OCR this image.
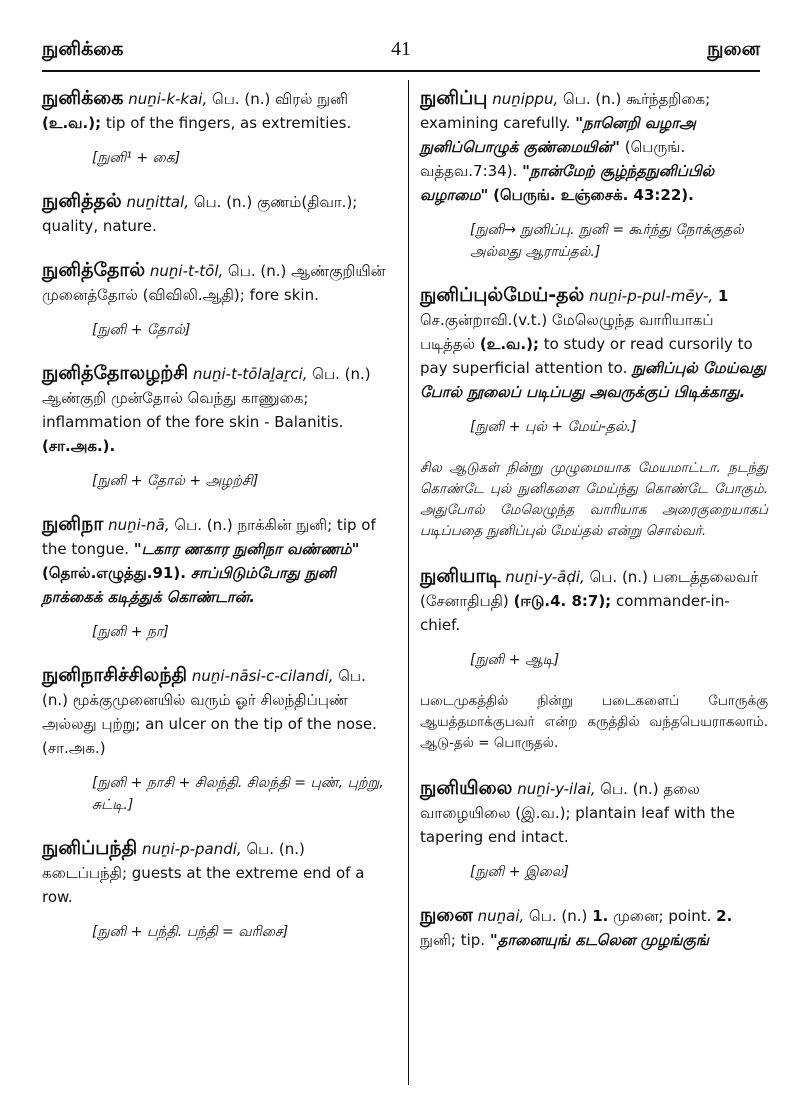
நுனிக்கை	41	நுனை

நுனிக்கை nuṉi-k-kai, பெ. (n.) விரல் நுனி (உ.வ.); tip of the fingers, as extremities.

[நுனி¹ + கை]

நுனித்தல் nuṉittal, பெ. (n.) குணம்(திவா.); quality, nature.

நுனித்தோல் nuṉi-t-tōl, பெ. (n.) ஆண்குறியின் முனைத்தோல் (விவிலி.ஆதி); fore skin.

[நுனி + தோல்]

நுனித்தோலழற்சி nuṉi-t-tōlaḻaṟci, பெ. (n.) ஆண்குறி முன்தோல் வெந்து காணுகை; inflammation of the fore skin - Balanitis. (சா.அக.).

[நுனி + தோல் + அழற்சி]

நுனிநா nuṉi-nā, பெ. (n.) நாக்கின் நுனி; tip of the tongue. "டகார ணகார நுனிநா வண்ணம்" (தொல்.எழுத்து.91). சாப்பிடும்போது நுனி நாக்கைக் கடித்துக் கொண்டான்.

[நுனி + நா]

நுனிநாசிச்சிலந்தி nuṉi-nāsi-c-cilandi, பெ. (n.) மூக்குமுனையில் வரும் ஓர் சிலந்திப்புண் அல்லது புற்று; an ulcer on the tip of the nose. (சா.அக.)

[நுனி + நாசி + சிலந்தி. சிலந்தி = புண், புற்று, சுட்டி.]

நுனிப்பந்தி nuṉi-p-pandi, பெ. (n.) கடைப்பந்தி; guests at the extreme end of a row.

[நுனி + பந்தி. பந்தி = வரிசை]

நுனிப்பு nuṉippu, பெ. (n.) கூர்ந்தறிகை; examining carefully. "நானெறி வழாஅ நுனிப்பொழுக் குண்மையின்" (பெருங். வத்தவ.7:34). "நான்மேற் சூழ்ந்தநுனிப்பில் வழாமை" (பெருங். உஞ்சைக். 43:22).

[நுனி→ நுனிப்பு. நுனி = கூர்ந்து நோக்குதல் அல்லது ஆராய்தல்.]

நுனிப்புல்மேய்-தல் nuṉi-p-pul-mēy-, 1 செ.குன்றாவி.(v.t.) மேலெழுந்த வாரியாகப் படித்தல் (உ.வ.); to study or read cursorily to pay superficial attention to. நுனிப்புல் மேய்வது போல் நூலைப் படிப்பது அவருக்குப் பிடிக்காது.

[நுனி + புல் + மேய்-தல்.]

சில ஆடுகள் நின்று முழுமையாக மேயமாட்டா. நடந்து கொண்டே புல் நுனிகளை மேய்ந்து கொண்டே போகும். அதுபோல் மேலெழுந்த வாரியாக அரைகுறையாகப் படிப்பதை நுனிப்புல் மேய்தல் என்று சொல்வர்.

நுனியாடி nuṉi-y-āḍi, பெ. (n.) படைத்தலைவர் (சேனாதிபதி) (ஈடு.4. 8:7); commander-in-chief.

[நுனி + ஆடி]

படைமுகத்தில் நின்று படைகளைப் போருக்கு ஆயத்தமாக்குபவர் என்ற கருத்தில் வந்தபெயராகலாம். ஆடு-தல் = பொருதல்.

நுனியிலை nuṉi-y-ilai, பெ. (n.) தலை வாழையிலை (இ.வ.); plantain leaf with the tapering end intact.

[நுனி + இலை]

நுனை nuṉai, பெ. (n.) 1. முனை; point. 2. நுனி; tip. "தானையுங் கடலென முழங்குங்
